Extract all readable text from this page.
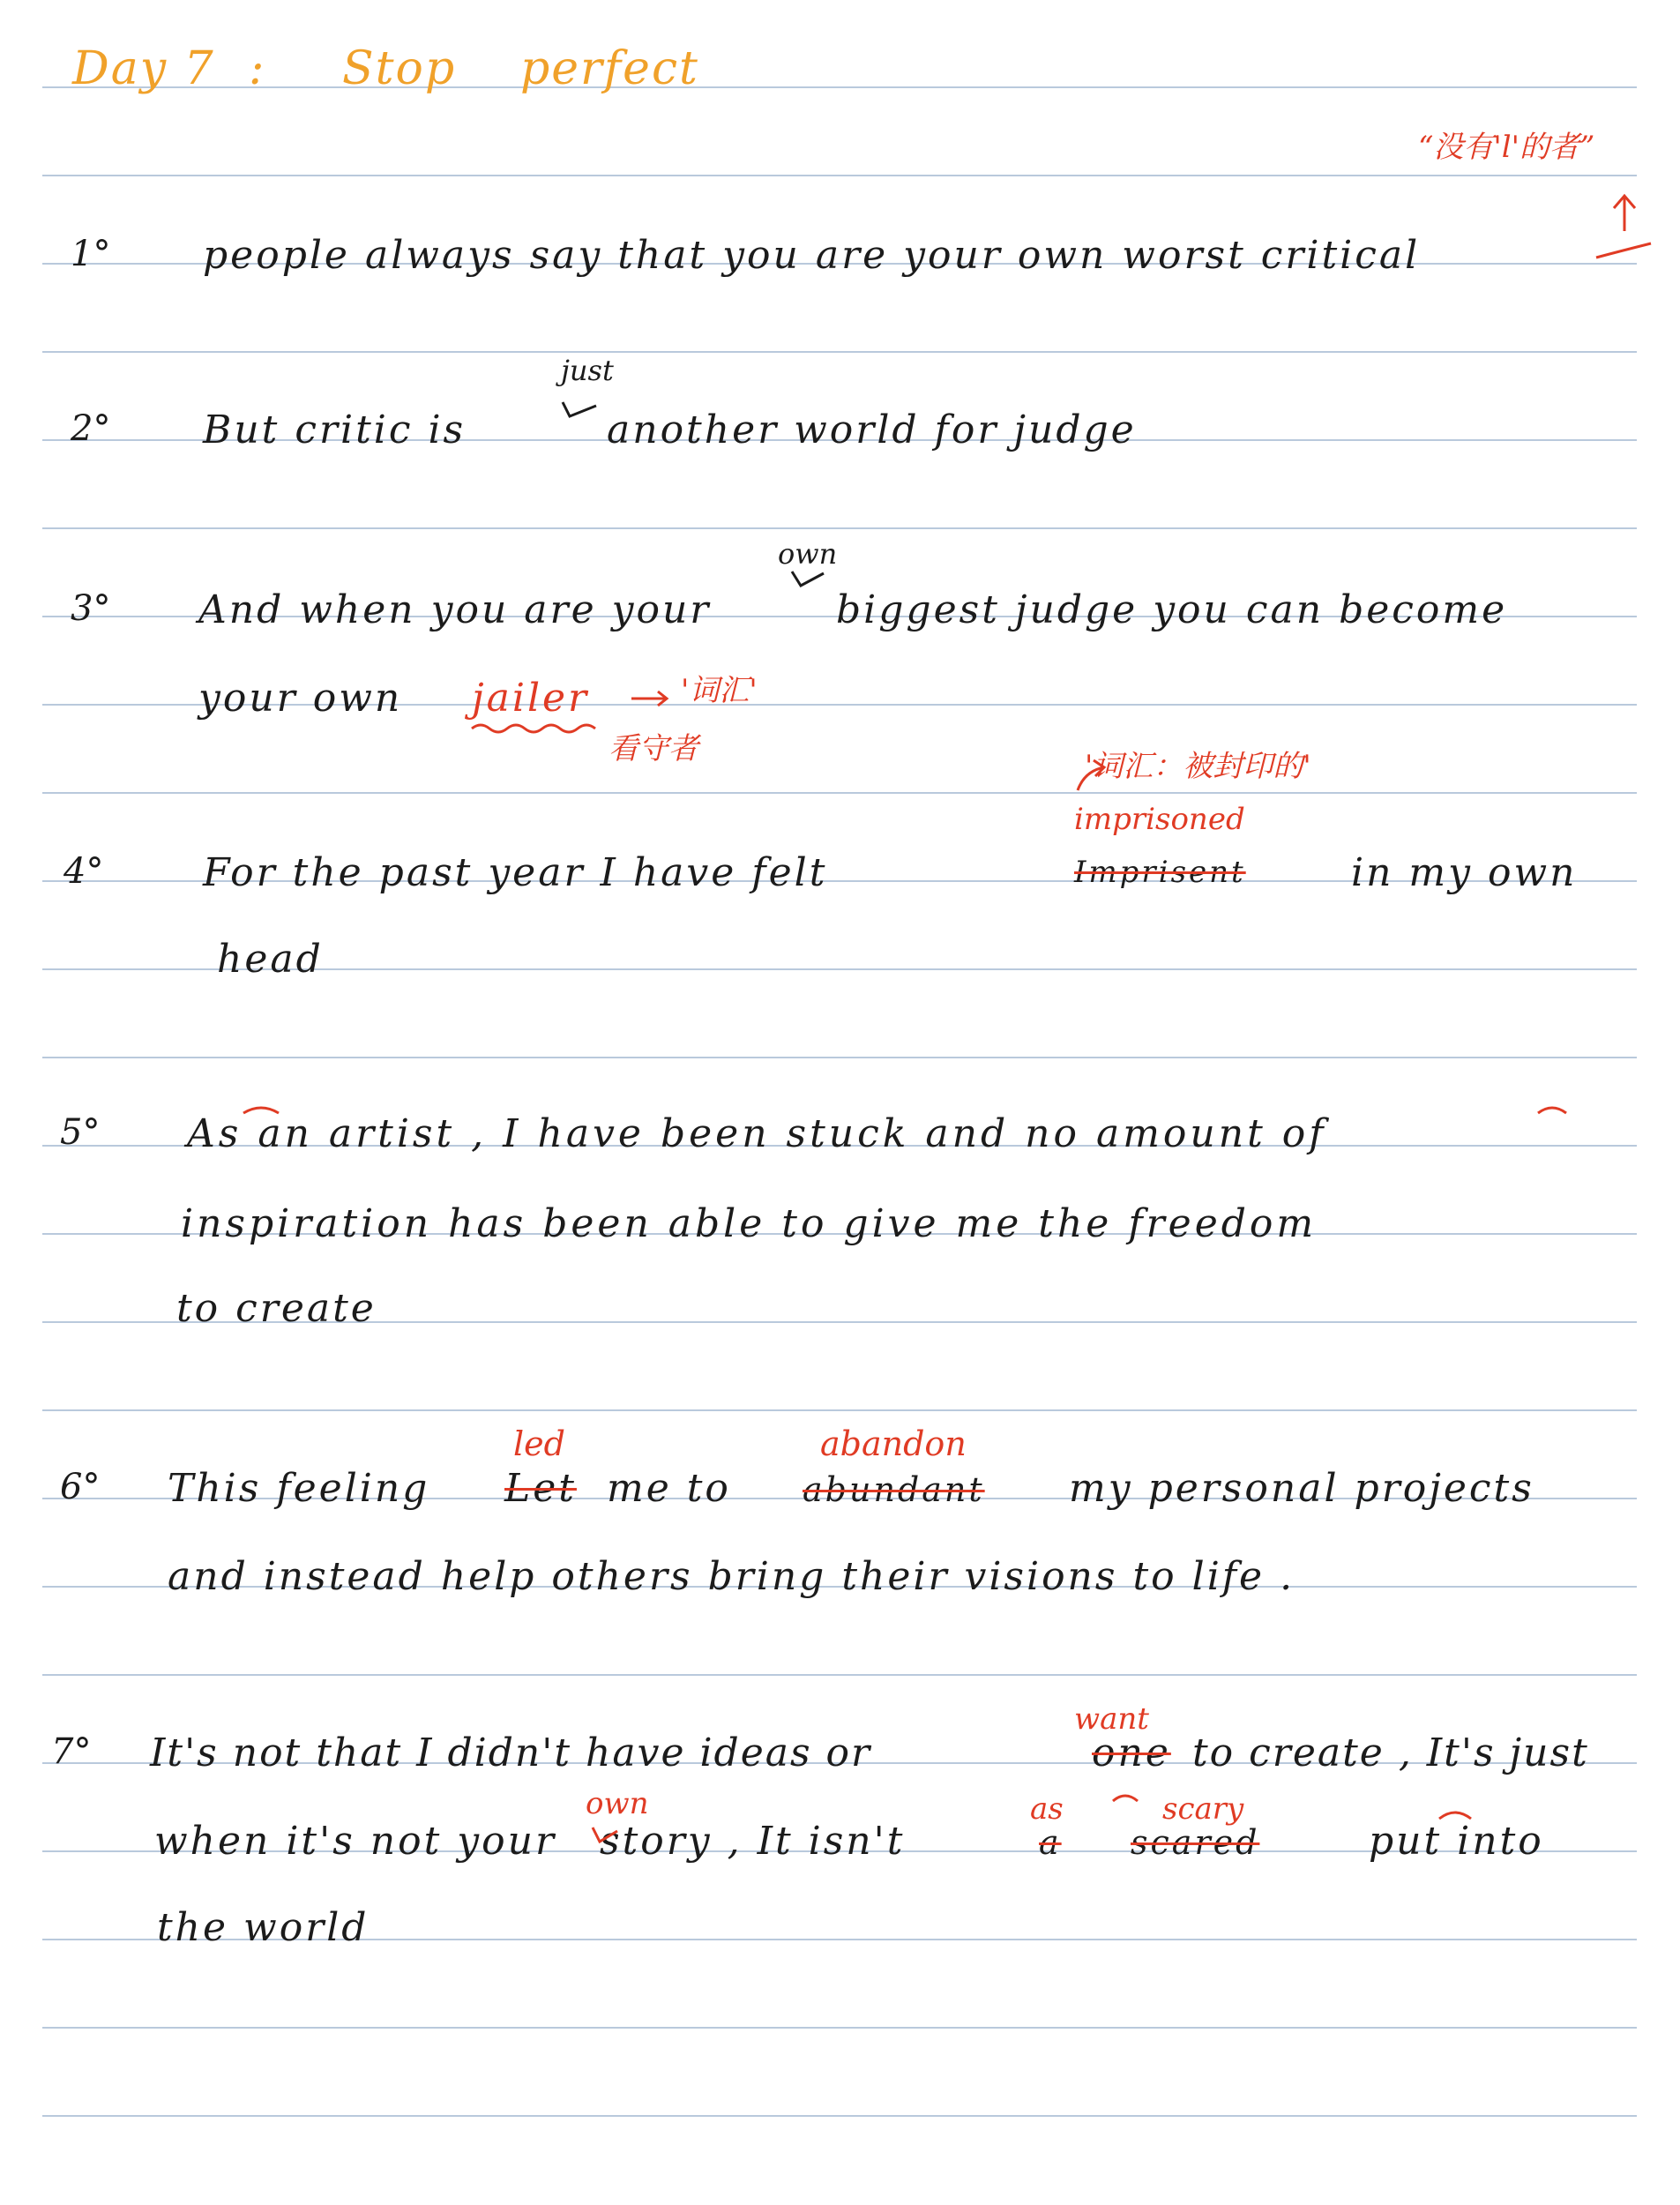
Day 7 : Stop perfect
“没有'l'的者”
1° people always say that you are your own worst critical
just
2° But critic is	another world for judge
own
3° And when you are your	biggest judge you can become
your own jailer	'词汇'
看守者	'词汇：被封印的'
imprisoned
4°	For the past year I have felt	Imprisent	in my own
head
5° As an artist , I have been stuck and no amount of
inspiration has been able to give me the freedom
to create
led	abandon
6° This feeling Let me to abundant my personal projects
and instead help others bring their visions to life .
want
7° It's not that I didn't have ideas or	one to create , It's just
own	as	scary
when it's not your story , It isn't	a scared	put into
the world
